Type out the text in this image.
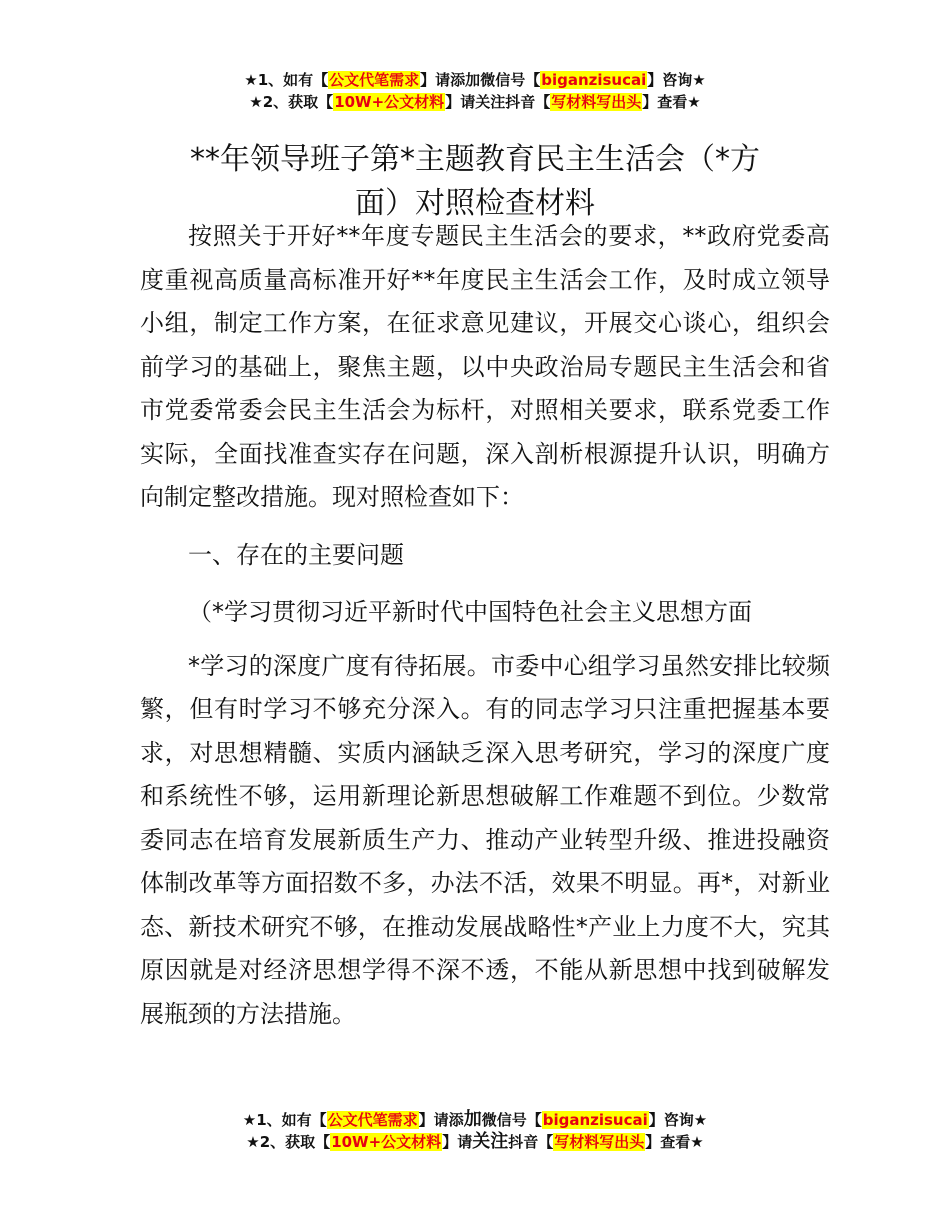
★1、如有【公文代笔需求】请添加微信号【biganzisucai】咨询★
★2、获取【10W+公文材料】请关注抖音【写材料写出头】查看★
**年领导班子第*主题教育民主生活会（*方
面）对照检查材料

按照关于开好**年度专题民主生活会的要求，**政府党委高度重视高质量高标准开好**年度民主生活会工作，及时成立领导小组，制定工作方案，在征求意见建议，开展交心谈心，组织会前学习的基础上，聚焦主题，以中央政治局专题民主生活会和省市党委常委会民主生活会为标杆，对照相关要求，联系党委工作实际，全面找准查实存在问题，深入剖析根源提升认识，明确方向制定整改措施。现对照检查如下：

一、存在的主要问题

（*学习贯彻习近平新时代中国特色社会主义思想方面

*学习的深度广度有待拓展。市委中心组学习虽然安排比较频繁，但有时学习不够充分深入。有的同志学习只注重把握基本要求，对思想精髓、实质内涵缺乏深入思考研究，学习的深度广度和系统性不够，运用新理论新思想破解工作难题不到位。少数常委同志在培育发展新质生产力、推动产业转型升级、推进投融资体制改革等方面招数不多，办法不活，效果不明显。再*，对新业态、新技术研究不够，在推动发展战略性*产业上力度不大，究其原因就是对经济思想学得不深不透，不能从新思想中找到破解发展瓶颈的方法措施。

★1、如有【公文代笔需求】请添加微信号【biganzisucai】咨询★
★2、获取【10W+公文材料】请关注抖音【写材料写出头】查看★
